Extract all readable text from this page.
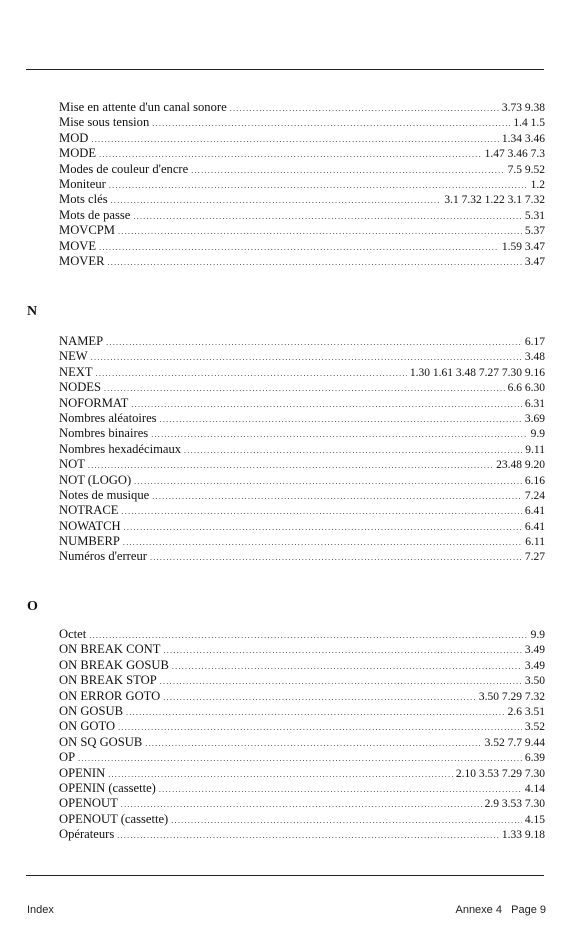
Mise en attente d'un canal sonore .....	3.73 9.38
Mise sous tension .....	1.4 1.5
MOD .....	1.34 3.46
MODE .....	1.47 3.46 7.3
Modes de couleur d'encre .....	7.5 9.52
Moniteur .....	1.2
Mots clés .....	3.1 7.32 1.22 3.1 7.32
Mots de passe .....	5.31
MOVCPM .....	5.37
MOVE .....	1.59 3.47
MOVER .....	3.47
N
NAMEP .....	6.17
NEW .....	3.48
NEXT .....	1.30 1.61 3.48 7.27 7.30 9.16
NODES .....	6.6 6.30
NOFORMAT .....	6.31
Nombres aléatoires .....	3.69
Nombres binaires .....	9.9
Nombres hexadécimaux .....	9.11
NOT .....	23.48 9.20
NOT (LOGO) .....	6.16
Notes de musique .....	7.24
NOTRACE .....	6.41
NOWATCH .....	6.41
NUMBERP .....	6.11
Numéros d'erreur .....	7.27
O
Octet .....	9.9
ON BREAK CONT .....	3.49
ON BREAK GOSUB .....	3.49
ON BREAK STOP .....	3.50
ON ERROR GOTO .....	3.50 7.29 7.32
ON GOSUB .....	2.6 3.51
ON GOTO .....	3.52
ON SQ GOSUB .....	3.52 7.7 9.44
OP .....	6.39
OPENIN .....	2.10 3.53 7.29 7.30
OPENIN (cassette) .....	4.14
OPENOUT .....	2.9 3.53 7.30
OPENOUT (cassette) .....	4.15
Opérateurs .....	1.33 9.18
Index	Annexe 4   Page 9
